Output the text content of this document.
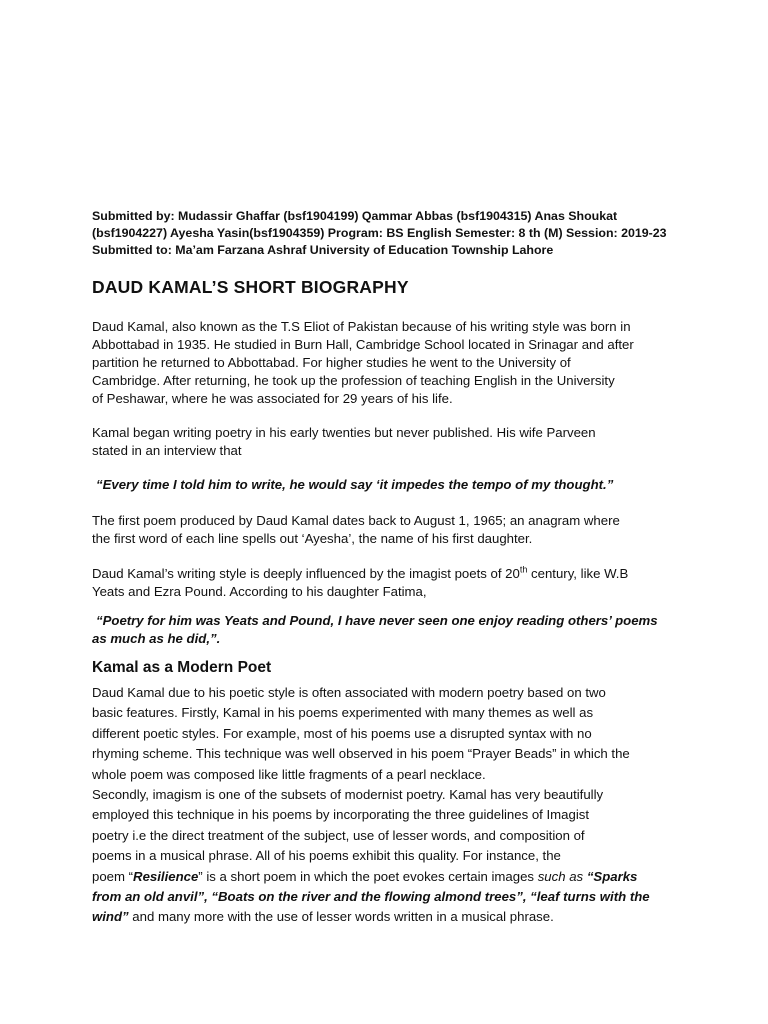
Submitted by: Mudassir Ghaffar (bsf1904199) Qammar Abbas (bsf1904315) Anas Shoukat
(bsf1904227) Ayesha Yasin(bsf1904359) Program: BS English Semester: 8 th (M) Session: 2019-23
Submitted to: Ma’am Farzana Ashraf University of Education Township Lahore
DAUD KAMAL’S SHORT BIOGRAPHY
Daud Kamal, also known as the T.S Eliot of Pakistan because of his writing style was born in
Abbottabad in 1935. He studied in Burn Hall, Cambridge School located in Srinagar and after
partition he returned to Abbottabad. For higher studies he went to the University of
Cambridge. After returning, he took up the profession of teaching English in the University
of Peshawar, where he was associated for 29 years of his life.
Kamal began writing poetry in his early twenties but never published. His wife Parveen
stated in an interview that
“Every time I told him to write, he would say ‘it impedes the tempo of my thought.”
The first poem produced by Daud Kamal dates back to August 1, 1965; an anagram where
the first word of each line spells out ‘Ayesha’, the name of his first daughter.
Daud Kamal’s writing style is deeply influenced by the imagist poets of 20th century, like W.B
Yeats and Ezra Pound. According to his daughter Fatima,
“Poetry for him was Yeats and Pound, I have never seen one enjoy reading others’ poems
as much as he did,”.
Kamal as a Modern Poet
Daud Kamal due to his poetic style is often associated with modern poetry based on two
basic features. Firstly, Kamal in his poems experimented with many themes as well as
different poetic styles. For example, most of his poems use a disrupted syntax with no
rhyming scheme. This technique was well observed in his poem “Prayer Beads” in which the
whole poem was composed like little fragments of a pearl necklace.
Secondly, imagism is one of the subsets of modernist poetry. Kamal has very beautifully
employed this technique in his poems by incorporating the three guidelines of Imagist
poetry i.e the direct treatment of the subject, use of lesser words, and composition of
poems in a musical phrase. All of his poems exhibit this quality. For instance, the
poem “Resilience” is a short poem in which the poet evokes certain images such as “Sparks
from an old anvil”, “Boats on the river and the flowing almond trees”, “leaf turns with the
wind” and many more with the use of lesser words written in a musical phrase.
